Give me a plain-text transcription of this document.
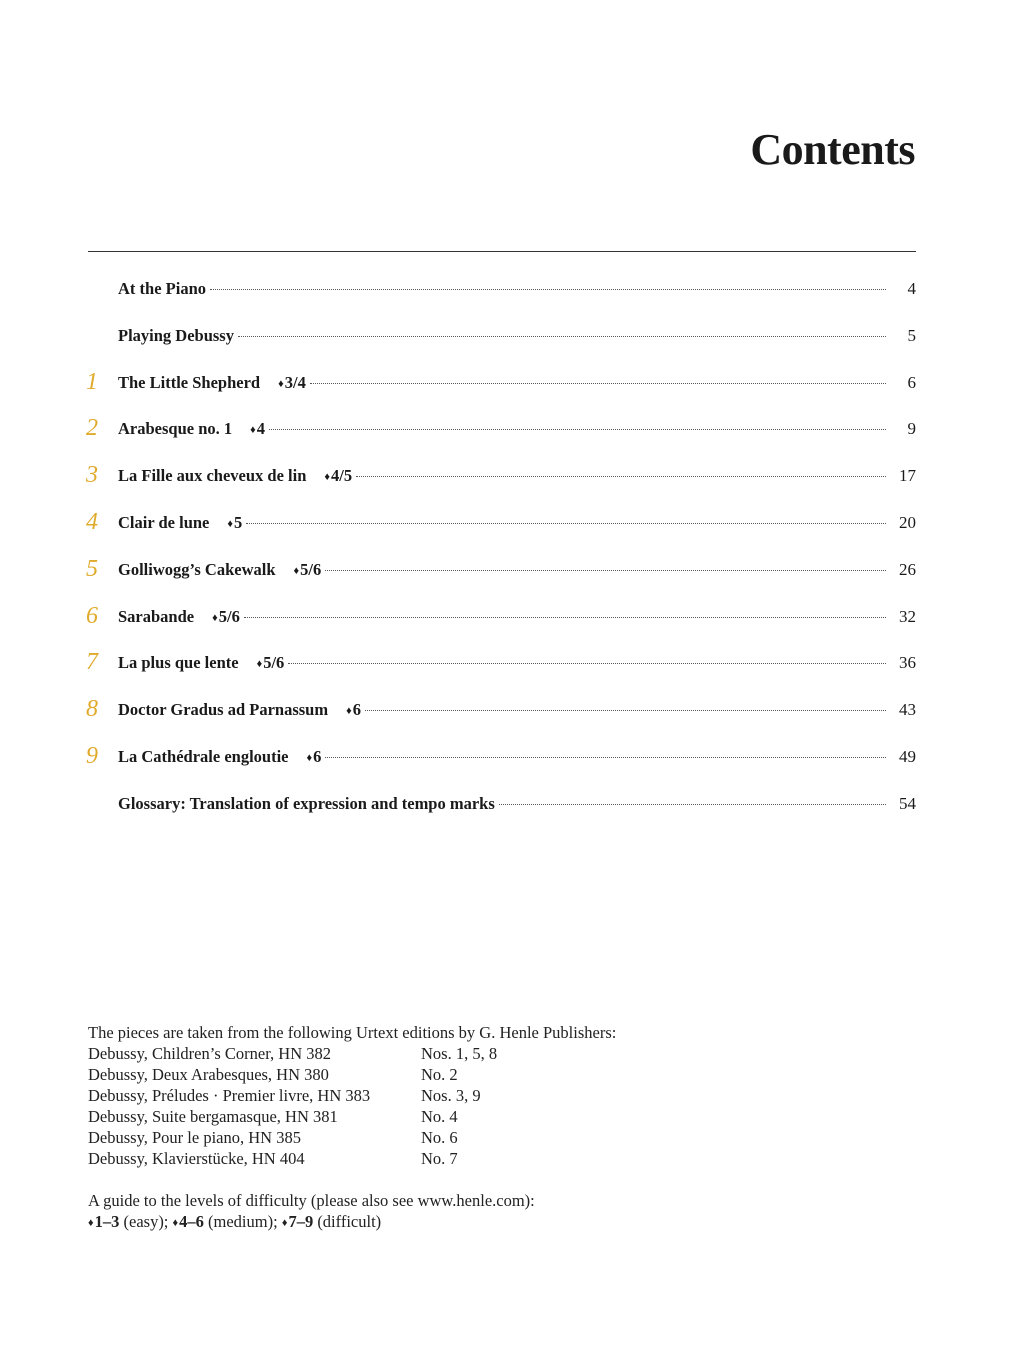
Contents
At the Piano	4
Playing Debussy	5
1 The Little Shepherd ♦3/4	6
2 Arabesque no. 1 ♦4	9
3 La Fille aux cheveux de lin ♦4/5	17
4 Clair de lune ♦5	20
5 Golliwogg’s Cakewalk ♦5/6	26
6 Sarabande ♦5/6	32
7 La plus que lente ♦5/6	36
8 Doctor Gradus ad Parnassum ♦6	43
9 La Cathédrale engloutie ♦6	49
Glossary: Translation of expression and tempo marks	54

The pieces are taken from the following Urtext editions by G. Henle Publishers:

Debussy, Children’s Corner, HN 382	Nos. 1, 5, 8
Debussy, Deux Arabesques, HN 380	No. 2
Debussy, Préludes · Premier livre, HN 383	Nos. 3, 9
Debussy, Suite bergamasque, HN 381	No. 4
Debussy, Pour le piano, HN 385	No. 6
Debussy, Klavierstücke, HN 404	No. 7

A guide to the levels of difficulty (please also see www.henle.com):

♦1–3 (easy); ♦4–6 (medium); ♦7–9 (difficult)
